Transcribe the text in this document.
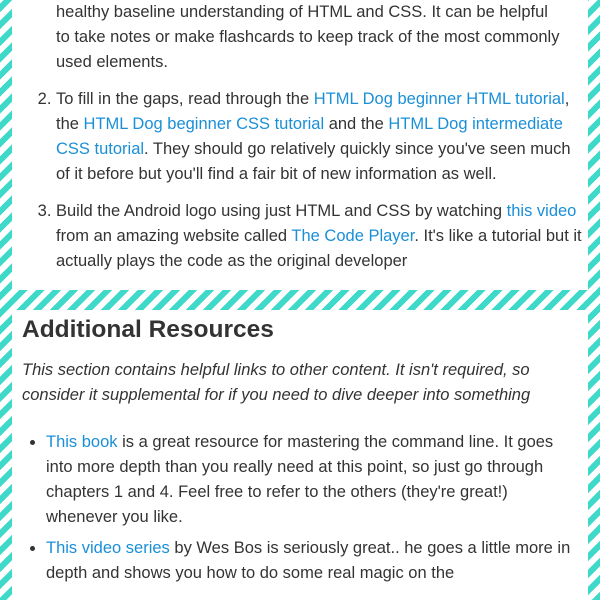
healthy baseline understanding of HTML and CSS. It can be helpful
to take notes or make flashcards to keep track of the most commonly used elements.
2. To fill in the gaps, read through the HTML Dog beginner HTML tutorial, the HTML Dog beginner CSS tutorial and the HTML Dog intermediate CSS tutorial. They should go relatively quickly since you've seen much of it before but you'll find a fair bit of new information as well.
3. Build the Android logo using just HTML and CSS by watching this video from an amazing website called The Code Player. It's like a tutorial but it actually plays the code as the original developer
Additional Resources

This section contains helpful links to other content. It isn't required, so consider it supplemental for if you need to dive deeper into something

• This book is a great resource for mastering the command line. It goes into more depth than you really need at this point, so just go through chapters 1 and 4. Feel free to refer to the others (they're great!) whenever you like.
• This video series by Wes Bos is seriously great.. he goes a little more in depth and shows you how to do some real magic on the
